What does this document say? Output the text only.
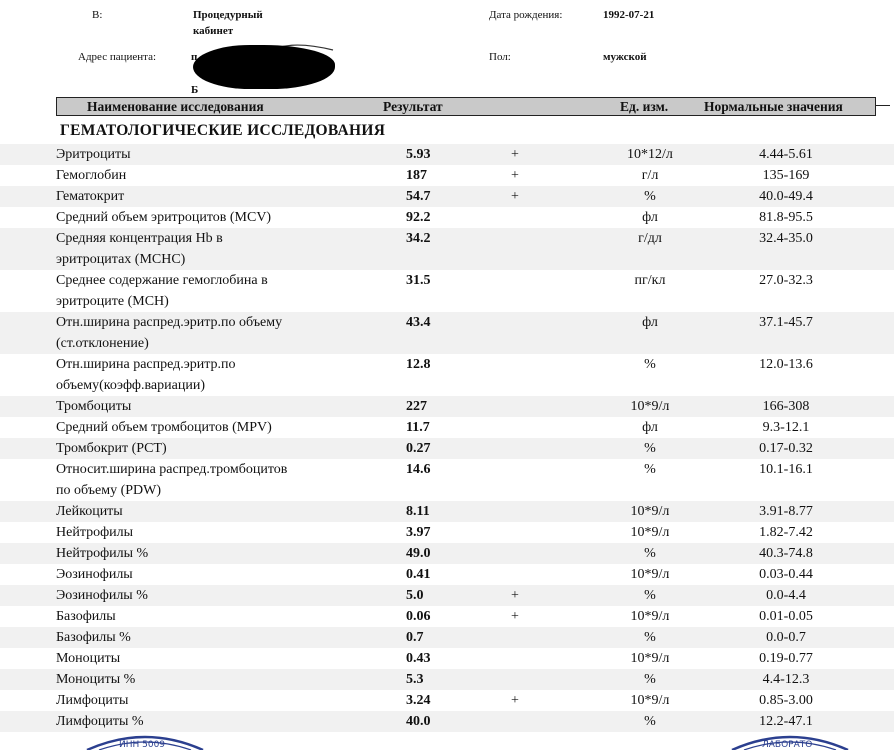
В:	Процедурный
кабинет
Дата рождения:	1992-07-21
Адрес пациента:	п
Б
Пол:	мужской
Наименование исследования	Результат	Ед. изм.	Нормальные значения
ГЕМАТОЛОГИЧЕСКИЕ ИССЛЕДОВАНИЯ
Эритроциты	5.93	+	10*12/л	4.44-5.61
Гемоглобин	187	+	г/л	135-169
Гематокрит	54.7	+	%	40.0-49.4
Средний объем эритроцитов (MCV)	92.2	фл	81.8-95.5
Средняя концентрация Hb в
эритроцитах (MCHC)
34.2	г/дл	32.4-35.0
Среднее содержание гемоглобина в
эритроците (MCH)
31.5	пг/кл	27.0-32.3
Отн.ширина распред.эритр.по объему
(ст.отклонение)
43.4	фл	37.1-45.7
Отн.ширина распред.эритр.по
объему(коэфф.вариации)
12.8	%	12.0-13.6
Тромбоциты	227	10*9/л	166-308
Средний объем тромбоцитов (MPV)	11.7	фл	9.3-12.1
Тромбокрит (PCT)	0.27	%	0.17-0.32
Относит.ширина распред.тромбоцитов
по объему (PDW)
14.6	%	10.1-16.1
Лейкоциты	8.11	10*9/л	3.91-8.77
Нейтрофилы	3.97	10*9/л	1.82-7.42
Нейтрофилы %	49.0	%	40.3-74.8
Эозинофилы	0.41	10*9/л	0.03-0.44
Эозинофилы %	5.0	+	%	0.0-4.4
Базофилы	0.06	+	10*9/л	0.01-0.05
Базофилы %	0.7	%	0.0-0.7
Моноциты	0.43	10*9/л	0.19-0.77
Моноциты %	5.3	%	4.4-12.3
Лимфоциты	3.24	+	10*9/л	0.85-3.00
Лимфоциты %	40.0	%	12.2-47.1
ИНН 5009	ЛАБОРАТО
